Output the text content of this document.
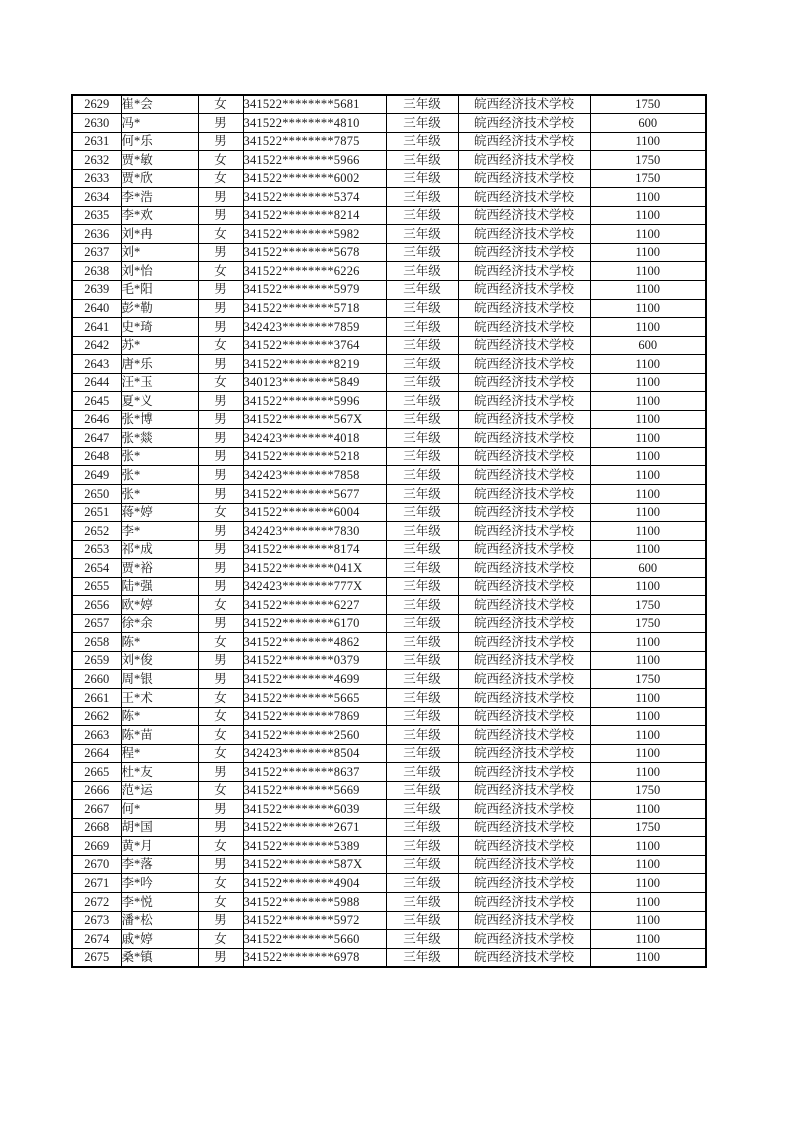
2629	崔*会	女	341522********5681	三年级	皖西经济技术学校	1750
2630	冯*	男	341522********4810	三年级	皖西经济技术学校	600
2631	何*乐	男	341522********7875	三年级	皖西经济技术学校	1100
2632	贾*敏	女	341522********5966	三年级	皖西经济技术学校	1750
2633	贾*欣	女	341522********6002	三年级	皖西经济技术学校	1750
2634	李*浩	男	341522********5374	三年级	皖西经济技术学校	1100
2635	李*欢	男	341522********8214	三年级	皖西经济技术学校	1100
2636	刘*冉	女	341522********5982	三年级	皖西经济技术学校	1100
2637	刘*	男	341522********5678	三年级	皖西经济技术学校	1100
2638	刘*怡	女	341522********6226	三年级	皖西经济技术学校	1100
2639	毛*阳	男	341522********5979	三年级	皖西经济技术学校	1100
2640	彭*勒	男	341522********5718	三年级	皖西经济技术学校	1100
2641	史*琦	男	342423********7859	三年级	皖西经济技术学校	1100
2642	苏*	女	341522********3764	三年级	皖西经济技术学校	600
2643	唐*乐	男	341522********8219	三年级	皖西经济技术学校	1100
2644	汪*玉	女	340123********5849	三年级	皖西经济技术学校	1100
2645	夏*义	男	341522********5996	三年级	皖西经济技术学校	1100
2646	张*博	男	341522********567X	三年级	皖西经济技术学校	1100
2647	张*燚	男	342423********4018	三年级	皖西经济技术学校	1100
2648	张*	男	341522********5218	三年级	皖西经济技术学校	1100
2649	张*	男	342423********7858	三年级	皖西经济技术学校	1100
2650	张*	男	341522********5677	三年级	皖西经济技术学校	1100
2651	蒋*婷	女	341522********6004	三年级	皖西经济技术学校	1100
2652	李*	男	342423********7830	三年级	皖西经济技术学校	1100
2653	祁*成	男	341522********8174	三年级	皖西经济技术学校	1100
2654	贾*裕	男	341522********041X	三年级	皖西经济技术学校	600
2655	陆*强	男	342423********777X	三年级	皖西经济技术学校	1100
2656	欧*婷	女	341522********6227	三年级	皖西经济技术学校	1750
2657	徐*余	男	341522********6170	三年级	皖西经济技术学校	1750
2658	陈*	女	341522********4862	三年级	皖西经济技术学校	1100
2659	刘*俊	男	341522********0379	三年级	皖西经济技术学校	1100
2660	周*银	男	341522********4699	三年级	皖西经济技术学校	1750
2661	王*术	女	341522********5665	三年级	皖西经济技术学校	1100
2662	陈*	女	341522********7869	三年级	皖西经济技术学校	1100
2663	陈*苗	女	341522********2560	三年级	皖西经济技术学校	1100
2664	程*	女	342423********8504	三年级	皖西经济技术学校	1100
2665	杜*友	男	341522********8637	三年级	皖西经济技术学校	1100
2666	范*运	女	341522********5669	三年级	皖西经济技术学校	1750
2667	何*	男	341522********6039	三年级	皖西经济技术学校	1100
2668	胡*国	男	341522********2671	三年级	皖西经济技术学校	1750
2669	黄*月	女	341522********5389	三年级	皖西经济技术学校	1100
2670	李*落	男	341522********587X	三年级	皖西经济技术学校	1100
2671	李*吟	女	341522********4904	三年级	皖西经济技术学校	1100
2672	李*悦	女	341522********5988	三年级	皖西经济技术学校	1100
2673	潘*松	男	341522********5972	三年级	皖西经济技术学校	1100
2674	戚*婷	女	341522********5660	三年级	皖西经济技术学校	1100
2675	桑*镇	男	341522********6978	三年级	皖西经济技术学校	1100
